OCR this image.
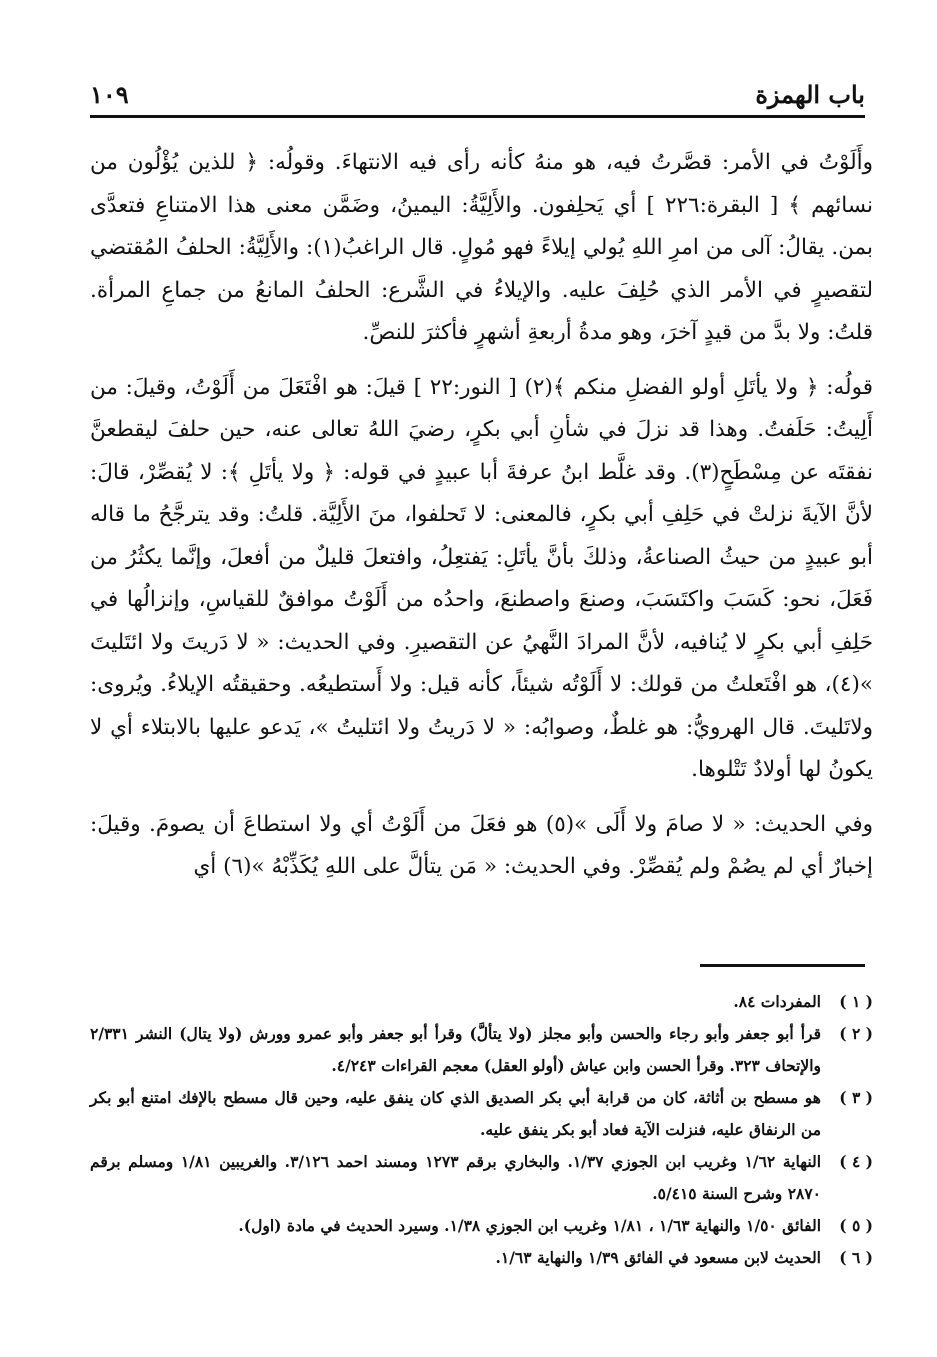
باب الهمزة
١٠٩

وأَلَوْتُ في الأمر: قصَّرتُ فيه، هو منهُ كأنه رأى فيه الانتهاءَ. وقولُه: ﴿ للذين يُؤْلُون من نسائهم ﴾ [ البقرة:٢٢٦ ] أي يَحلِفون. والأَلِيَّةُ: اليمينُ، وضَمَّن معنى هذا الامتناعِ فتعدَّى بمن. يقالُ: آلى من امرِ اللهِ يُولي إيلاءً فهو مُولٍ. قال الراغبُ(١): والأَلِيَّةُ: الحلفُ المُقتضي لتقصيرٍ في الأمر الذي حُلِفَ عليه. والإيلاءُ في الشَّرع: الحلفُ المانعُ من جماعِ المرأة. قلتُ: ولا بدَّ من قيدٍ آخرَ، وهو مدةُ أربعةِ أشهرٍ فأكثرَ للنصِّ.

قولُه: ﴿ ولا يأتَلِ أولو الفضلِ منكم ﴾(٢) [ النور:٢٢ ] قيلَ: هو افْتَعَلَ من أَلَوْتُ، وقيلَ: من أَلِيتُ: حَلَفتُ. وهذا قد نزلَ في شأنِ أبي بكرٍ، رضيَ اللهُ تعالى عنه، حين حلفَ ليقطعنَّ نفقتَه عن مِسْطَحٍ(٣). وقد غلَّط ابنُ عرفةَ أبا عبيدٍ في قوله: ﴿ ولا يأتَلِ ﴾: لا يُقصِّرْ، قالَ: لأنَّ الآيةَ نزلتْ في حَلِفِ أبي بكرٍ، فالمعنى: لا تَحلفوا، منَ الأَلِيَّة. قلتُ: وقد يترجَّحُ ما قاله أبو عبيدٍ من حيثُ الصناعةُ، وذلكَ بأنَّ يأتَلِ: يَفتعِلُ، وافتعلَ قليلٌ من أفعلَ، وإنَّما يكثُرُ من فَعَلَ، نحو: كَسَبَ واكتَسَبَ، وصنعَ واصطنعَ، واحدُه من أَلَوْتُ موافقٌ للقياسِ، وإنزالُها في حَلِفِ أبي بكرٍ لا يُنافيه، لأنَّ المرادَ النَّهيُ عن التقصيرِ. وفي الحديث: « لا دَريتَ ولا ائتَليتَ »(٤)، هو افْتَعلتُ من قولك: لا أَلَوْتُه شيئاً، كأنه قيل: ولا أَستطيعُه. وحقيقتُه الإيلاءُ. ويُروى: ولاتَليتَ. قال الهرويُّ: هو غلطٌ، وصوابُه: « لا دَريتُ ولا ائتليتُ »، يَدعو عليها بالابتلاء أي لا يكونُ لها أولادٌ تَتْلوها.

وفي الحديث: « لا صامَ ولا أَلَى »(٥) هو فعَلَ من أَلَوْتُ أي ولا استطاعَ أن يصومَ. وقيلَ: إخبارٌ أي لم يصُمْ ولم يُقصِّرْ. وفي الحديث: « مَن يتألَّ على اللهِ يُكَذِّبْهُ »(٦) أي

( ١ )
المفردات ٨٤.
( ٢ )
قرأ أبو جعفر وأبو رجاء والحسن وأبو مجلز (ولا يتألَّ) وقرأ أبو جعفر وأبو عمرو وورش (ولا يتال) النشر ٢/٣٣١ والإتحاف ٣٢٣. وقرأ الحسن وابن عياش (أولو العقل) معجم القراءات ٤/٢٤٣.
( ٣ )
هو مسطح بن أثاثة، كان من قرابة أبي بكر الصديق الذي كان ينفق عليه، وحين قال مسطح بالإفك امتنع أبو بكر من الرنفاق عليه، فنزلت الآية فعاد أبو بكر ينفق عليه.
( ٤ )
النهاية ١/٦٢ وغريب ابن الجوزي ١/٣٧. والبخاري برقم ١٢٧٣ ومسند احمد ٣/١٢٦. والغريبين ١/٨١ ومسلم برقم ٢٨٧٠ وشرح السنة ٥/٤١٥.
( ٥ )
الفائق ١/٥٠ والنهاية ١/٦٣ ، ١/٨١ وغريب ابن الجوزي ١/٣٨. وسيرد الحديث في مادة (اول).
( ٦ )
الحديث لابن مسعود في الفائق ١/٣٩ والنهاية ١/٦٣.
